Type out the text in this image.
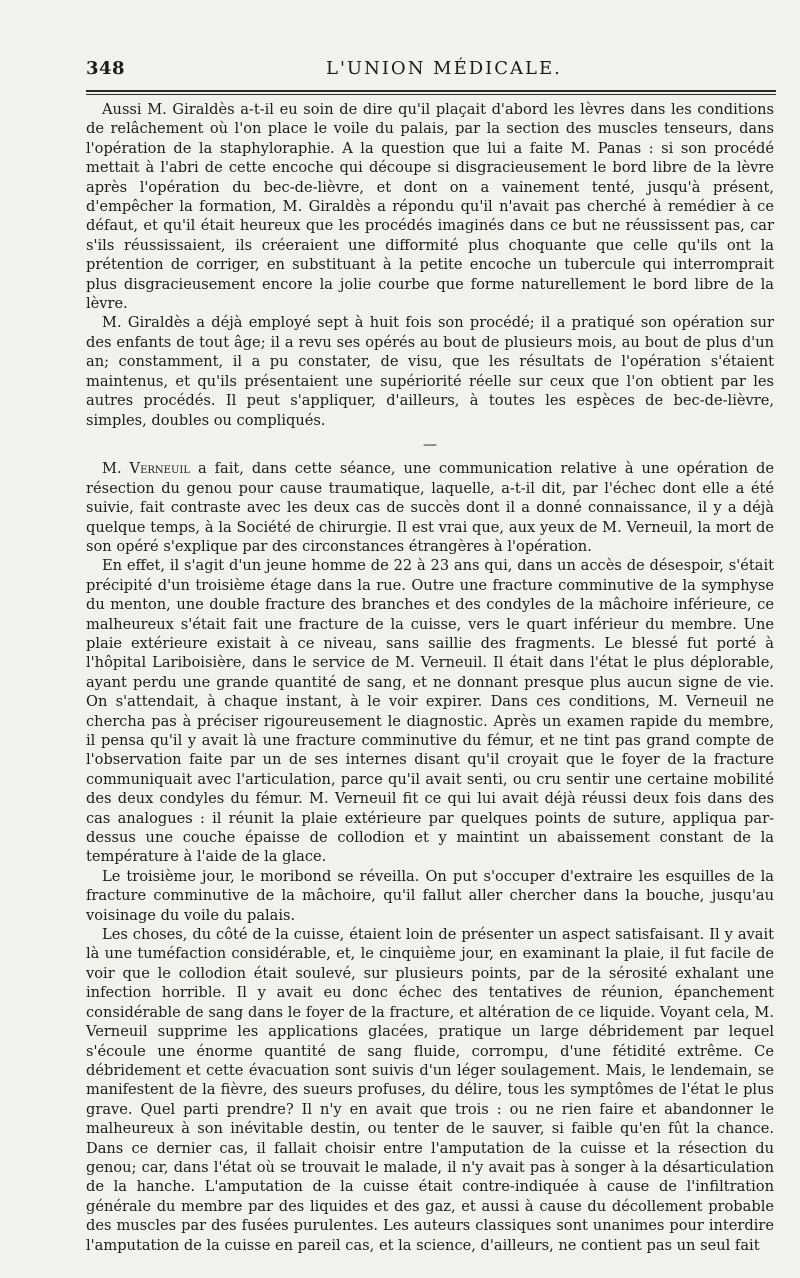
348	L'UNION MÉDICALE.

Aussi M. Giraldès a-t-il eu soin de dire qu'il plaçait d'abord les lèvres dans les conditions de relâchement où l'on place le voile du palais, par la section des muscles tenseurs, dans l'opération de la staphyloraphie. A la question que lui a faite M. Panas : si son procédé mettait à l'abri de cette encoche qui découpe si disgracieusement le bord libre de la lèvre après l'opération du bec-de-lièvre, et dont on a vainement tenté, jusqu'à présent, d'empêcher la formation, M. Giraldès a répondu qu'il n'avait pas cherché à remédier à ce défaut, et qu'il était heureux que les procédés imaginés dans ce but ne réussissent pas, car s'ils réussissaient, ils créeraient une difformité plus choquante que celle qu'ils ont la prétention de corriger, en substituant à la petite encoche un tubercule qui interromprait plus disgracieusement encore la jolie courbe que forme naturellement le bord libre de la lèvre.

M. Giraldès a déjà employé sept à huit fois son procédé; il a pratiqué son opération sur des enfants de tout âge; il a revu ses opérés au bout de plusieurs mois, au bout de plus d'un an; constamment, il a pu constater, de visu, que les résultats de l'opération s'étaient maintenus, et qu'ils présentaient une supériorité réelle sur ceux que l'on obtient par les autres procédés. Il peut s'appliquer, d'ailleurs, à toutes les espèces de bec-de-lièvre, simples, doubles ou compliqués.

—

M. Verneuil a fait, dans cette séance, une communication relative à une opération de résection du genou pour cause traumatique, laquelle, a-t-il dit, par l'échec dont elle a été suivie, fait contraste avec les deux cas de succès dont il a donné connaissance, il y a déjà quelque temps, à la Société de chirurgie. Il est vrai que, aux yeux de M. Verneuil, la mort de son opéré s'explique par des circonstances étrangères à l'opération.

En effet, il s'agit d'un jeune homme de 22 à 23 ans qui, dans un accès de désespoir, s'était précipité d'un troisième étage dans la rue. Outre une fracture comminutive de la symphyse du menton, une double fracture des branches et des condyles de la mâchoire inférieure, ce malheureux s'était fait une fracture de la cuisse, vers le quart inférieur du membre. Une plaie extérieure existait à ce niveau, sans saillie des fragments. Le blessé fut porté à l'hôpital Lariboisière, dans le service de M. Verneuil. Il était dans l'état le plus déplorable, ayant perdu une grande quantité de sang, et ne donnant presque plus aucun signe de vie. On s'attendait, à chaque instant, à le voir expirer. Dans ces conditions, M. Verneuil ne chercha pas à préciser rigoureusement le diagnostic. Après un examen rapide du membre, il pensa qu'il y avait là une fracture comminutive du fémur, et ne tint pas grand compte de l'observation faite par un de ses internes disant qu'il croyait que le foyer de la fracture communiquait avec l'articulation, parce qu'il avait senti, ou cru sentir une certaine mobilité des deux condyles du fémur. M. Verneuil fit ce qui lui avait déjà réussi deux fois dans des cas analogues : il réunit la plaie extérieure par quelques points de suture, appliqua par-dessus une couche épaisse de collodion et y maintint un abaissement constant de la température à l'aide de la glace.

Le troisième jour, le moribond se réveilla. On put s'occuper d'extraire les esquilles de la fracture comminutive de la mâchoire, qu'il fallut aller chercher dans la bouche, jusqu'au voisinage du voile du palais.

Les choses, du côté de la cuisse, étaient loin de présenter un aspect satisfaisant. Il y avait là une tuméfaction considérable, et, le cinquième jour, en examinant la plaie, il fut facile de voir que le collodion était soulevé, sur plusieurs points, par de la sérosité exhalant une infection horrible. Il y avait eu donc échec des tentatives de réunion, épanchement considérable de sang dans le foyer de la fracture, et altération de ce liquide. Voyant cela, M. Verneuil supprime les applications glacées, pratique un large débridement par lequel s'écoule une énorme quantité de sang fluide, corrompu, d'une fétidité extrême. Ce débridement et cette évacuation sont suivis d'un léger soulagement. Mais, le lendemain, se manifestent de la fièvre, des sueurs profuses, du délire, tous les symptômes de l'état le plus grave. Quel parti prendre? Il n'y en avait que trois : ou ne rien faire et abandonner le malheureux à son inévitable destin, ou tenter de le sauver, si faible qu'en fût la chance. Dans ce dernier cas, il fallait choisir entre l'amputation de la cuisse et la résection du genou; car, dans l'état où se trouvait le malade, il n'y avait pas à songer à la désarticulation de la hanche. L'amputation de la cuisse était contre-indiquée à cause de l'infiltration générale du membre par des liquides et des gaz, et aussi à cause du décollement probable des muscles par des fusées purulentes. Les auteurs classiques sont unanimes pour interdire l'amputation de la cuisse en pareil cas, et la science, d'ailleurs, ne contient pas un seul fait
